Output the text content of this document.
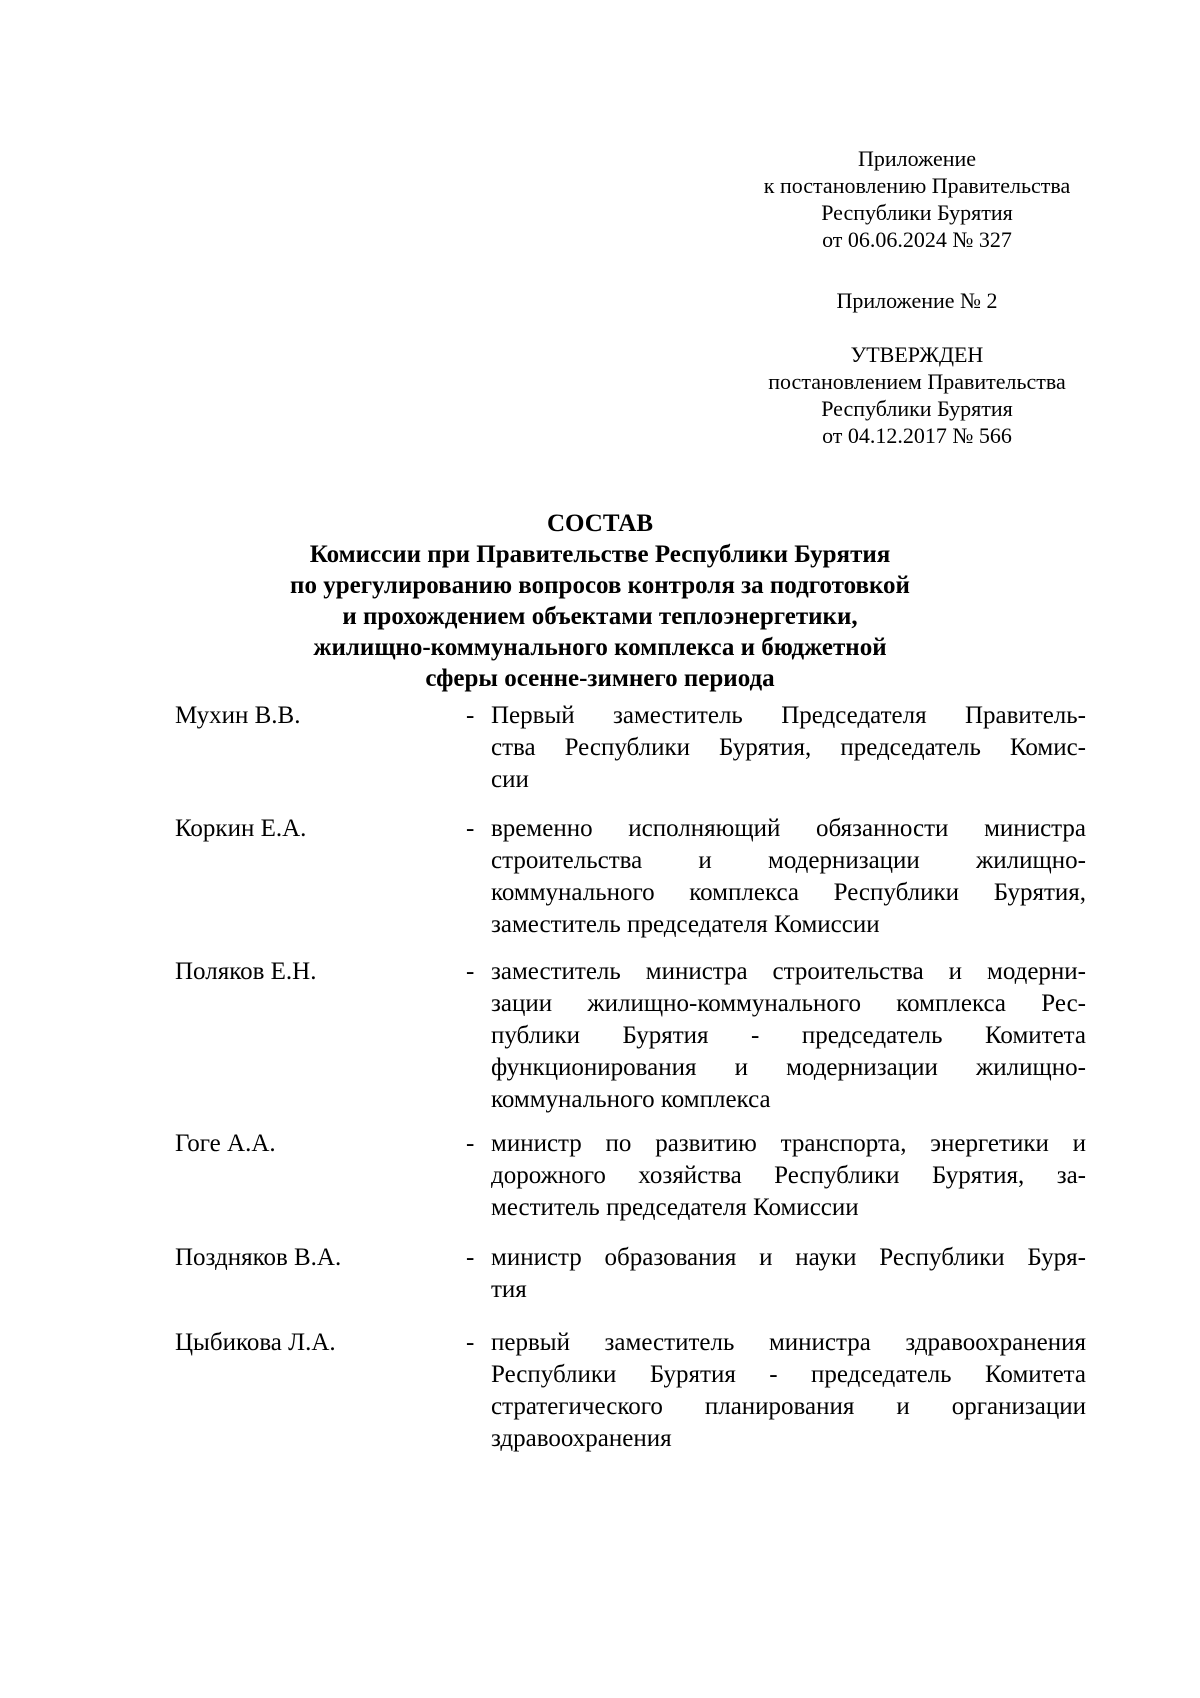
Приложение
к постановлению Правительства
Республики Бурятия
от 06.06.2024 № 327
Приложение № 2
УТВЕРЖДЕН
постановлением Правительства
Республики Бурятия
от 04.12.2017 № 566
СОСТАВ
Комиссии при Правительстве Республики Бурятия
по урегулированию вопросов контроля за подготовкой
и прохождением объектами теплоэнергетики,
жилищно-коммунального комплекса и бюджетной
сферы осенне-зимнего периода
Мухин В.В.	- Первый заместитель Председателя Правитель-
ства Республики Бурятия, председатель Комис-
сии
Коркин Е.А.	- временно исполняющий обязанности министра
строительства и модернизации жилищно-
коммунального комплекса Республики Бурятия,
заместитель председателя Комиссии
Поляков Е.Н.	- заместитель министра строительства и модерни-
зации жилищно-коммунального комплекса Рес-
публики Бурятия - председатель Комитета
функционирования и модернизации жилищно-
коммунального комплекса
Гоге А.А.	- министр по развитию транспорта, энергетики и
дорожного хозяйства Республики Бурятия, за-
меститель председателя Комиссии
Поздняков В.А.	- министр образования и науки Республики Буря-
тия
Цыбикова Л.А.	- первый заместитель министра здравоохранения
Республики Бурятия - председатель Комитета
стратегического планирования и организации
здравоохранения
